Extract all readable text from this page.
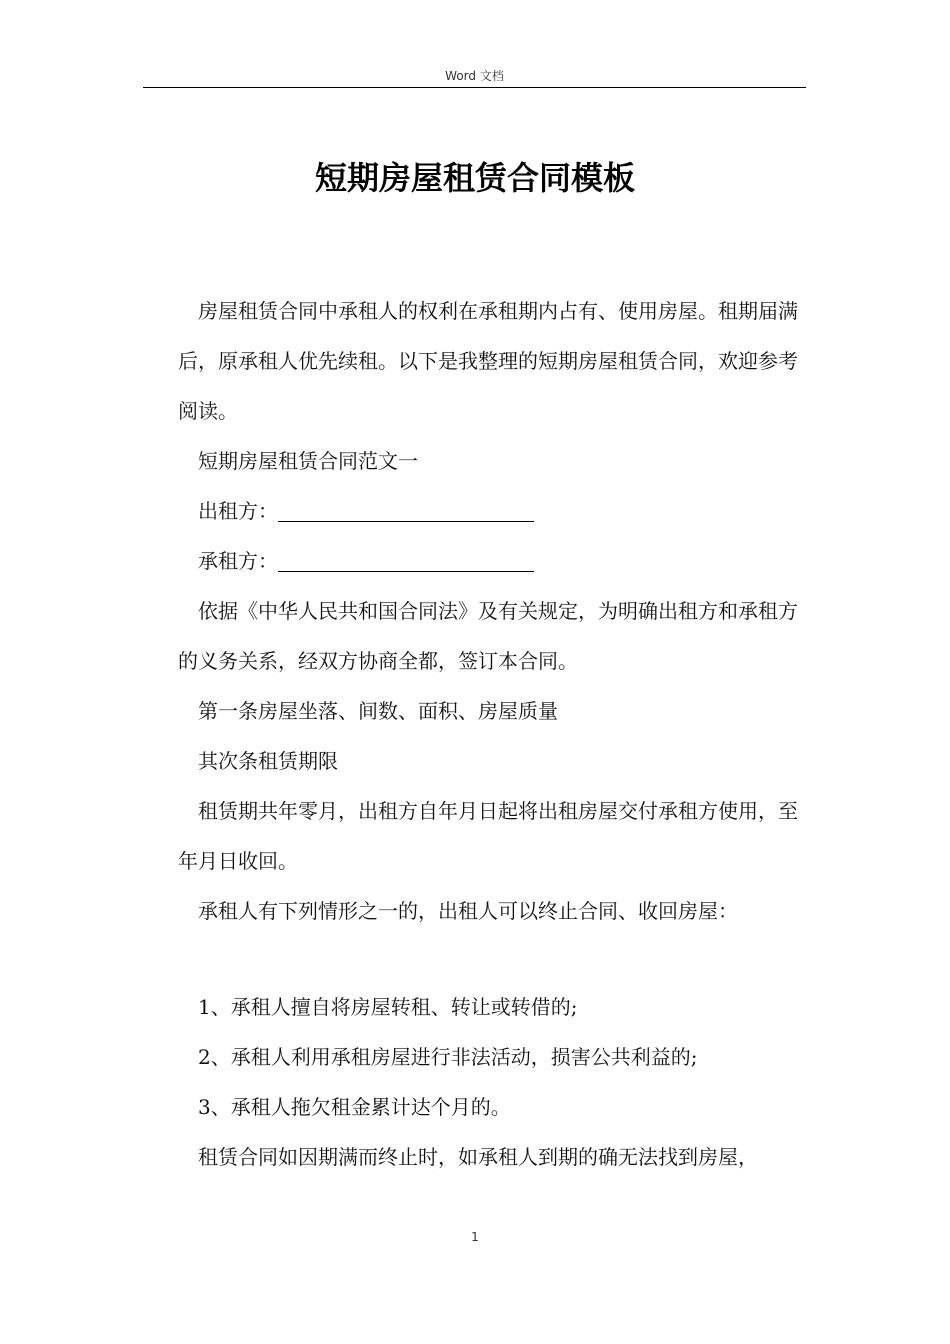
Word 文档
短期房屋租赁合同模板

房屋租赁合同中承租人的权利在承租期内占有、使用房屋。租期届满后，原承租人优先续租。以下是我整理的短期房屋租赁合同，欢迎参考阅读。

短期房屋租赁合同范文一

出租方：

承租方：

依据《中华人民共和国合同法》及有关规定，为明确出租方和承租方的义务关系，经双方协商全都，签订本合同。

第一条房屋坐落、间数、面积、房屋质量

其次条租赁期限

租赁期共年零月，出租方自年月日起将出租房屋交付承租方使用，至年月日收回。

承租人有下列情形之一的，出租人可以终止合同、收回房屋：

1、承租人擅自将房屋转租、转让或转借的;

2、承租人利用承租房屋进行非法活动，损害公共利益的;

3、承租人拖欠租金累计达个月的。

租赁合同如因期满而终止时，如承租人到期的确无法找到房屋，

1
